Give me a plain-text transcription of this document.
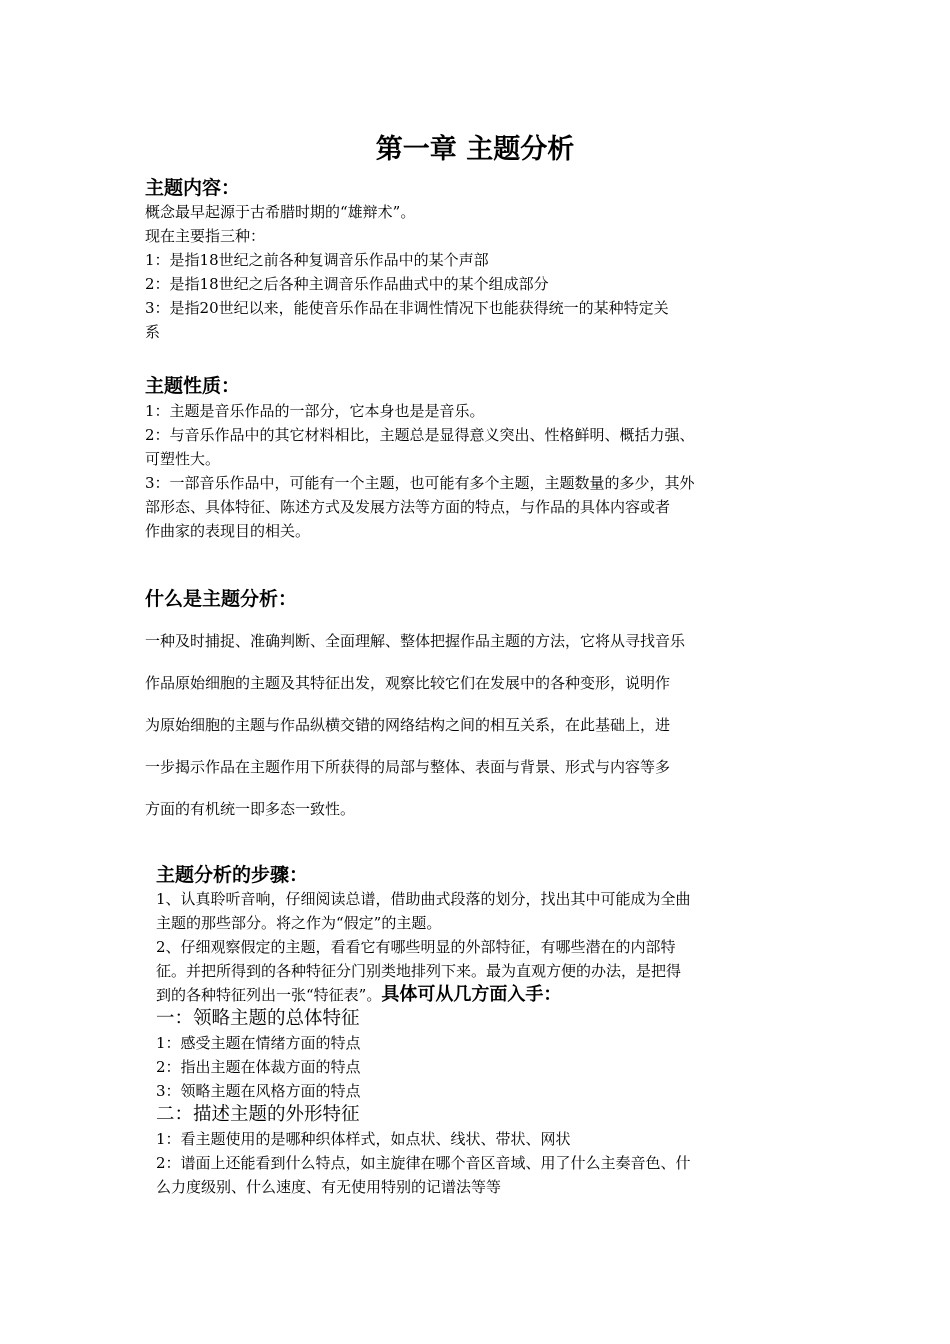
第一章 主题分析
主题内容：
概念最早起源于古希腊时期的“雄辩术”。
现在主要指三种：
1：是指18世纪之前各种复调音乐作品中的某个声部
2：是指18世纪之后各种主调音乐作品曲式中的某个组成部分
3：是指20世纪以来，能使音乐作品在非调性情况下也能获得统一的某种特定关
系
主题性质：
1：主题是音乐作品的一部分，它本身也是是音乐。
2：与音乐作品中的其它材料相比，主题总是显得意义突出、性格鲜明、概括力强、
可塑性大。
3：一部音乐作品中，可能有一个主题，也可能有多个主题，主题数量的多少，其外
部形态、具体特征、陈述方式及发展方法等方面的特点，与作品的具体内容或者
作曲家的表现目的相关。
什么是主题分析：
一种及时捕捉、准确判断、全面理解、整体把握作品主题的方法，它将从寻找音乐
作品原始细胞的主题及其特征出发，观察比较它们在发展中的各种变形，说明作
为原始细胞的主题与作品纵横交错的网络结构之间的相互关系，在此基础上，进
一步揭示作品在主题作用下所获得的局部与整体、表面与背景、形式与内容等多
方面的有机统一即多态一致性。
主题分析的步骤：
1、认真聆听音响，仔细阅读总谱，借助曲式段落的划分，找出其中可能成为全曲
主题的那些部分。将之作为“假定”的主题。
2、仔细观察假定的主题，看看它有哪些明显的外部特征，有哪些潜在的内部特
征。并把所得到的各种特征分门别类地排列下来。最为直观方便的办法，是把得
到的各种特征列出一张“特征表”。具体可从几方面入手：
一：领略主题的总体特征
1：感受主题在情绪方面的特点
2：指出主题在体裁方面的特点
3：领略主题在风格方面的特点
二：描述主题的外形特征
1：看主题使用的是哪种织体样式，如点状、线状、带状、网状
2：谱面上还能看到什么特点，如主旋律在哪个音区音域、用了什么主奏音色、什
么力度级别、什么速度、有无使用特别的记谱法等等
